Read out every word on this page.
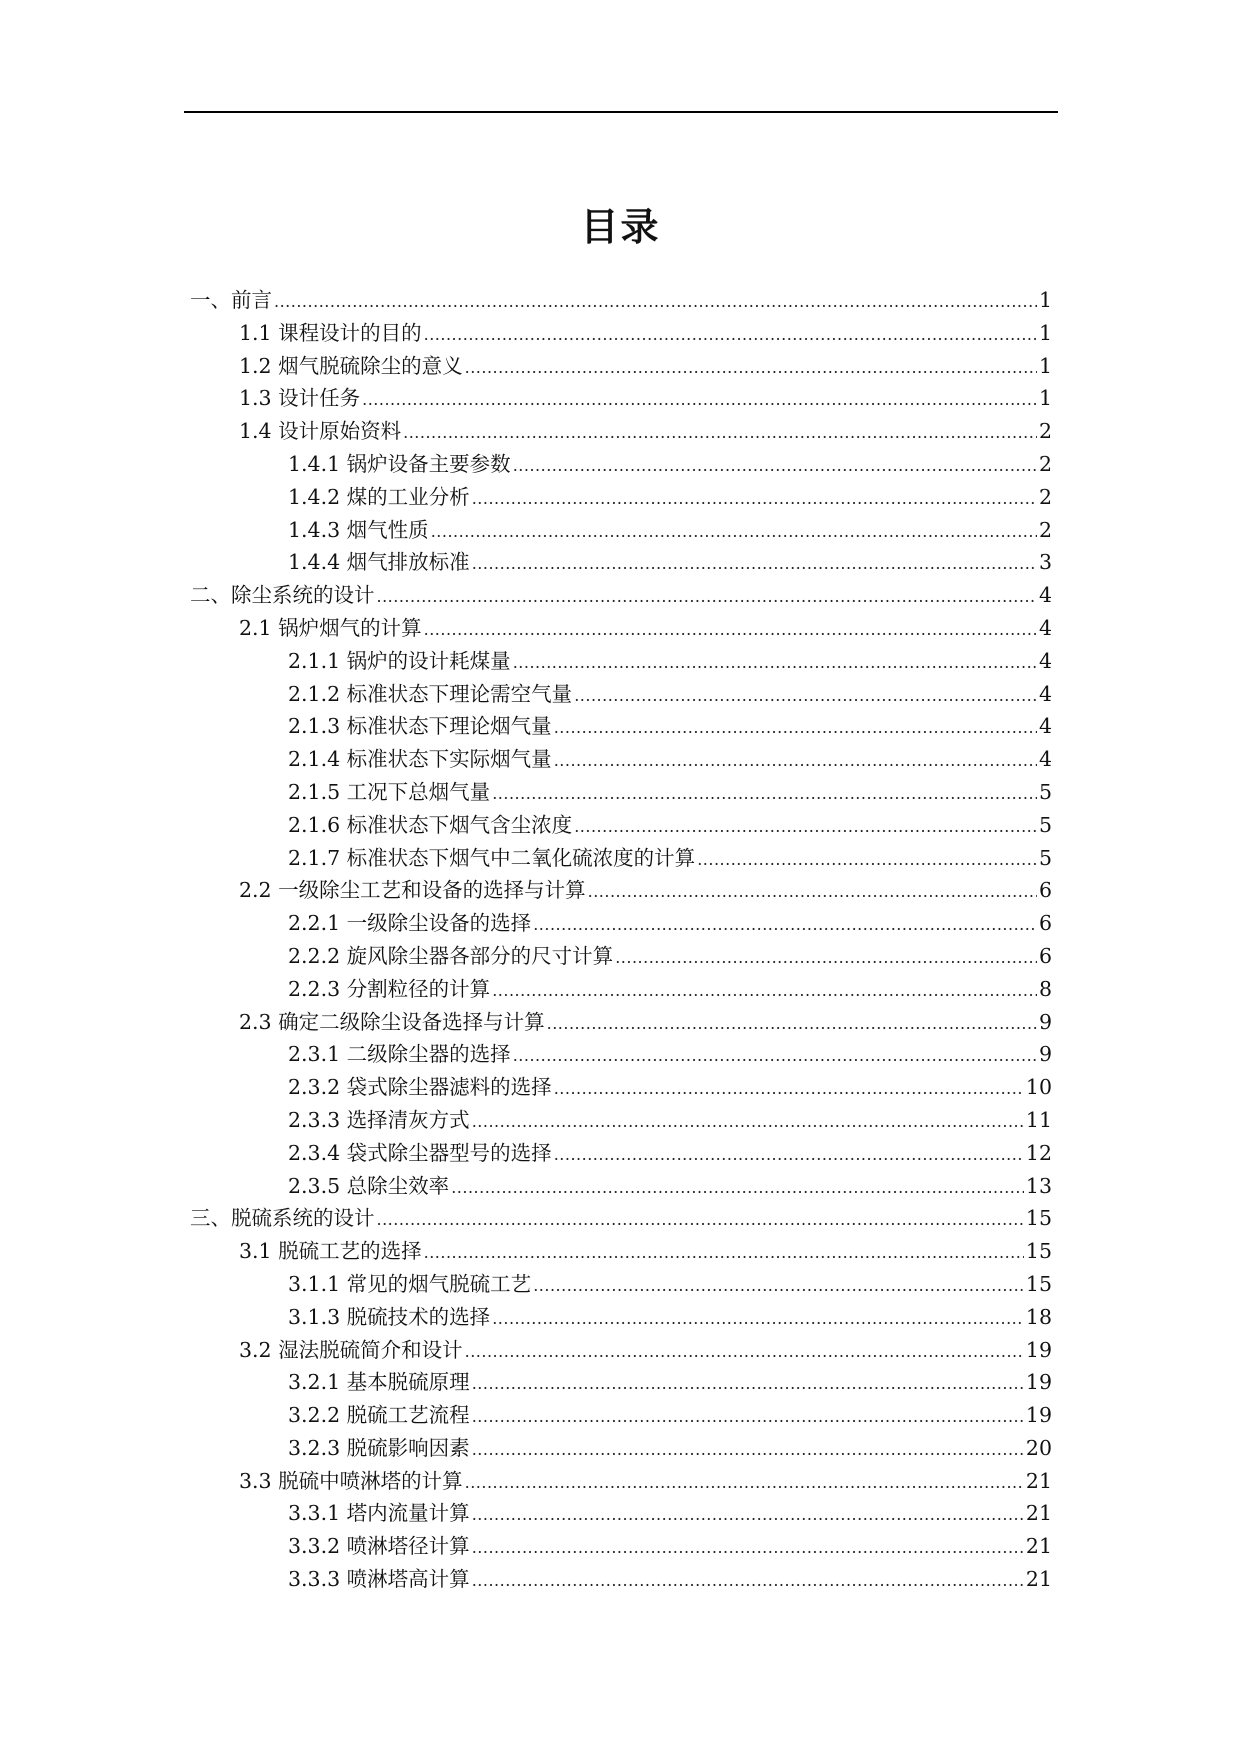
目录
一、前言 .....	1
1.1 课程设计的目的 .....	1
1.2 烟气脱硫除尘的意义 .....	1
1.3 设计任务 .....	1
1.4 设计原始资料 .....	2
1.4.1 锅炉设备主要参数 .....	2
1.4.2 煤的工业分析 .....	2
1.4.3 烟气性质 .....	2
1.4.4 烟气排放标准 .....	3
二、除尘系统的设计 .....	4
2.1 锅炉烟气的计算 .....	4
2.1.1 锅炉的设计耗煤量 .....	4
2.1.2 标准状态下理论需空气量 .....	4
2.1.3 标准状态下理论烟气量 .....	4
2.1.4 标准状态下实际烟气量 .....	4
2.1.5 工况下总烟气量 .....	5
2.1.6 标准状态下烟气含尘浓度 .....	5
2.1.7 标准状态下烟气中二氧化硫浓度的计算 .....	5
2.2 一级除尘工艺和设备的选择与计算 .....	6
2.2.1 一级除尘设备的选择 .....	6
2.2.2 旋风除尘器各部分的尺寸计算 .....	6
2.2.3 分割粒径的计算 .....	8
2.3 确定二级除尘设备选择与计算 .....	9
2.3.1 二级除尘器的选择 .....	9
2.3.2 袋式除尘器滤料的选择 .....	10
2.3.3 选择清灰方式 .....	11
2.3.4 袋式除尘器型号的选择 .....	12
2.3.5 总除尘效率 .....	13
三、脱硫系统的设计 .....	15
3.1 脱硫工艺的选择 .....	15
3.1.1 常见的烟气脱硫工艺 .....	15
3.1.3 脱硫技术的选择 .....	18
3.2 湿法脱硫简介和设计 .....	19
3.2.1 基本脱硫原理 .....	19
3.2.2 脱硫工艺流程 .....	19
3.2.3 脱硫影响因素 .....	20
3.3 脱硫中喷淋塔的计算 .....	21
3.3.1 塔内流量计算 .....	21
3.3.2 喷淋塔径计算 .....	21
3.3.3 喷淋塔高计算 .....	21
